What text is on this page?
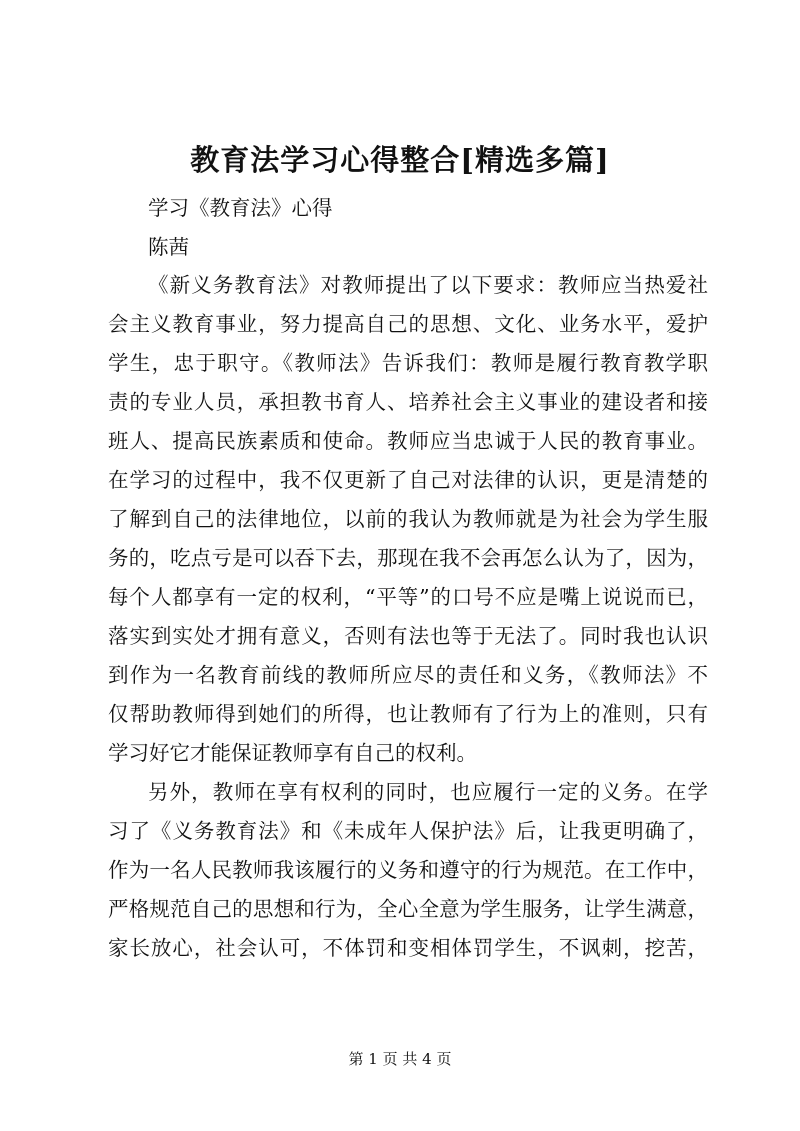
教育法学习心得整合[精选多篇]
学习《教育法》心得
陈茜
《新义务教育法》对教师提出了以下要求：教师应当热爱社
会主义教育事业，努力提高自己的思想、文化、业务水平，爱护
学生，忠于职守。《教师法》告诉我们：教师是履行教育教学职
责的专业人员，承担教书育人、培养社会主义事业的建设者和接
班人、提高民族素质和使命。教师应当忠诚于人民的教育事业。
在学习的过程中，我不仅更新了自己对法律的认识，更是清楚的
了解到自己的法律地位，以前的我认为教师就是为社会为学生服
务的，吃点亏是可以吞下去，那现在我不会再怎么认为了，因为，
每个人都享有一定的权利，“平等”的口号不应是嘴上说说而已，
落实到实处才拥有意义，否则有法也等于无法了。同时我也认识
到作为一名教育前线的教师所应尽的责任和义务，《教师法》不
仅帮助教师得到她们的所得，也让教师有了行为上的准则，只有
学习好它才能保证教师享有自己的权利。
另外，教师在享有权利的同时，也应履行一定的义务。在学
习了《义务教育法》和《未成年人保护法》后，让我更明确了，
作为一名人民教师我该履行的义务和遵守的行为规范。在工作中，
严格规范自己的思想和行为，全心全意为学生服务，让学生满意，
家长放心，社会认可，不体罚和变相体罚学生，不讽刺，挖苦，
第 1 页 共 4 页
